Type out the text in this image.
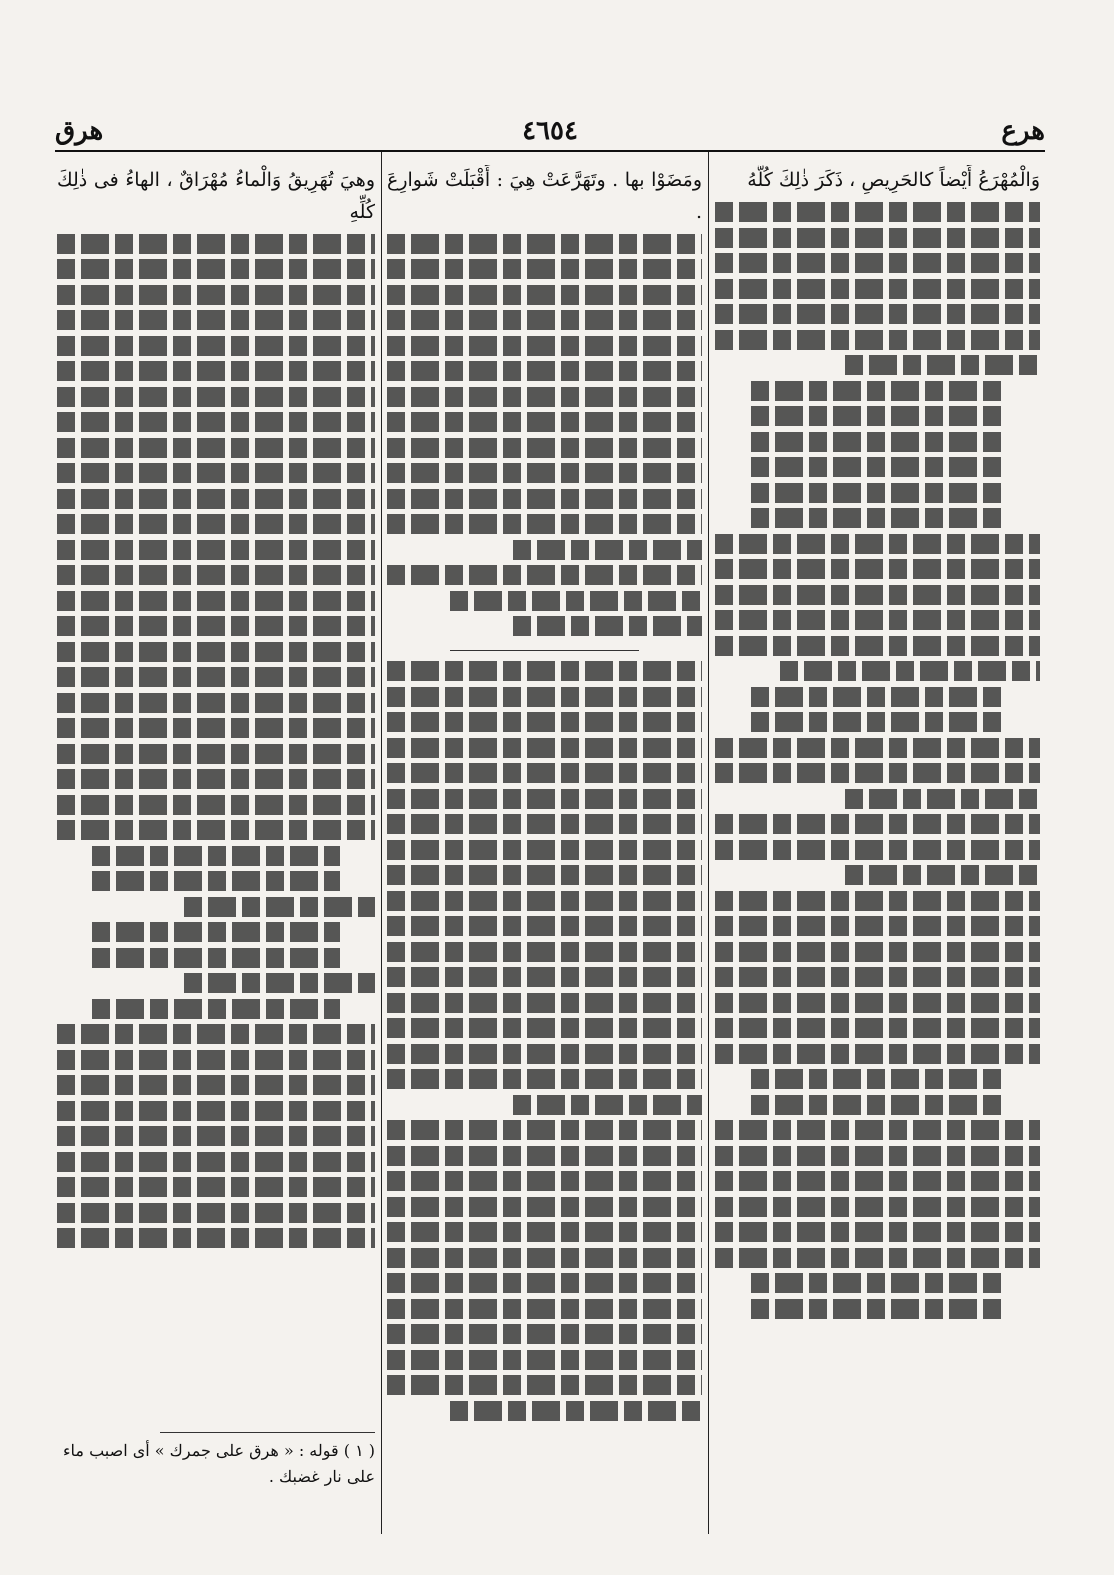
هرق	٤٦٥٤	هرع

وَالْمُهْرَعُ أَيْضاً كالحَرِيصِ ، ذَكَرَ ذٰلِكَ كُلَّهُ

ومَضَوْا بها . وتَهَرَّعَتْ هِيَ : أَقْبَلَتْ شَوارِعَ .

وهيَ تُهَرِيقُ وَالْماءُ مُهْرَاقٌ ، الهاءُ فى ذٰلِكَ كُلِّهِ

( ١ ) قوله : « هرق على جمرك » أى اصبب ماء على نار غضبك .
